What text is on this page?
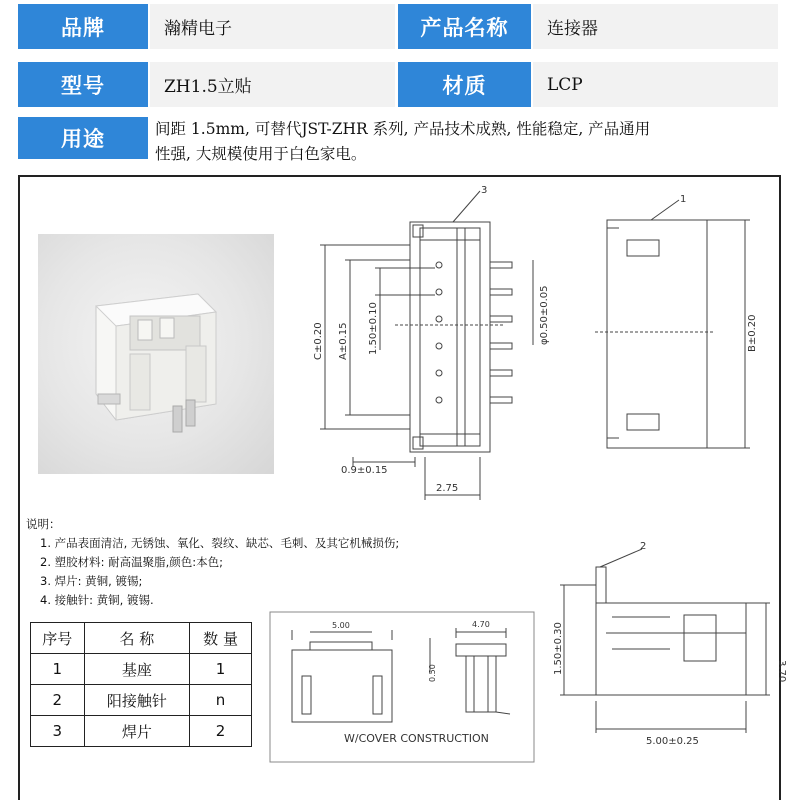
品牌	瀚精电子	产品名称	连接器
型号	ZH1.5立贴	材质	LCP
用途	间距 1.5mm, 可替代JST-ZHR 系列, 产品技术成熟, 性能稳定, 产品通用
性强, 大规模使用于白色家电。
3
C±0.20 A±0.15 1.50±0.10	φ0.50±0.05
0.9±0.15
2.75
1
B±0.20
说明：
1. 产品表面清洁, 无锈蚀、氧化、裂纹、缺芯、毛刺、及其它机械损伤;
2. 塑胶材料: 耐高温聚脂,颜色:本色;
3. 焊片: 黄铜, 镀锡;
4. 接触针: 黄铜, 镀锡.
序号	名 称	数 量
1	基座	1
2	阳接触针	n
3	焊片	2
5.00	4.70
0.50
W/COVER CONSTRUCTION
2
1.50±0.30	3.70
5.00±0.25
